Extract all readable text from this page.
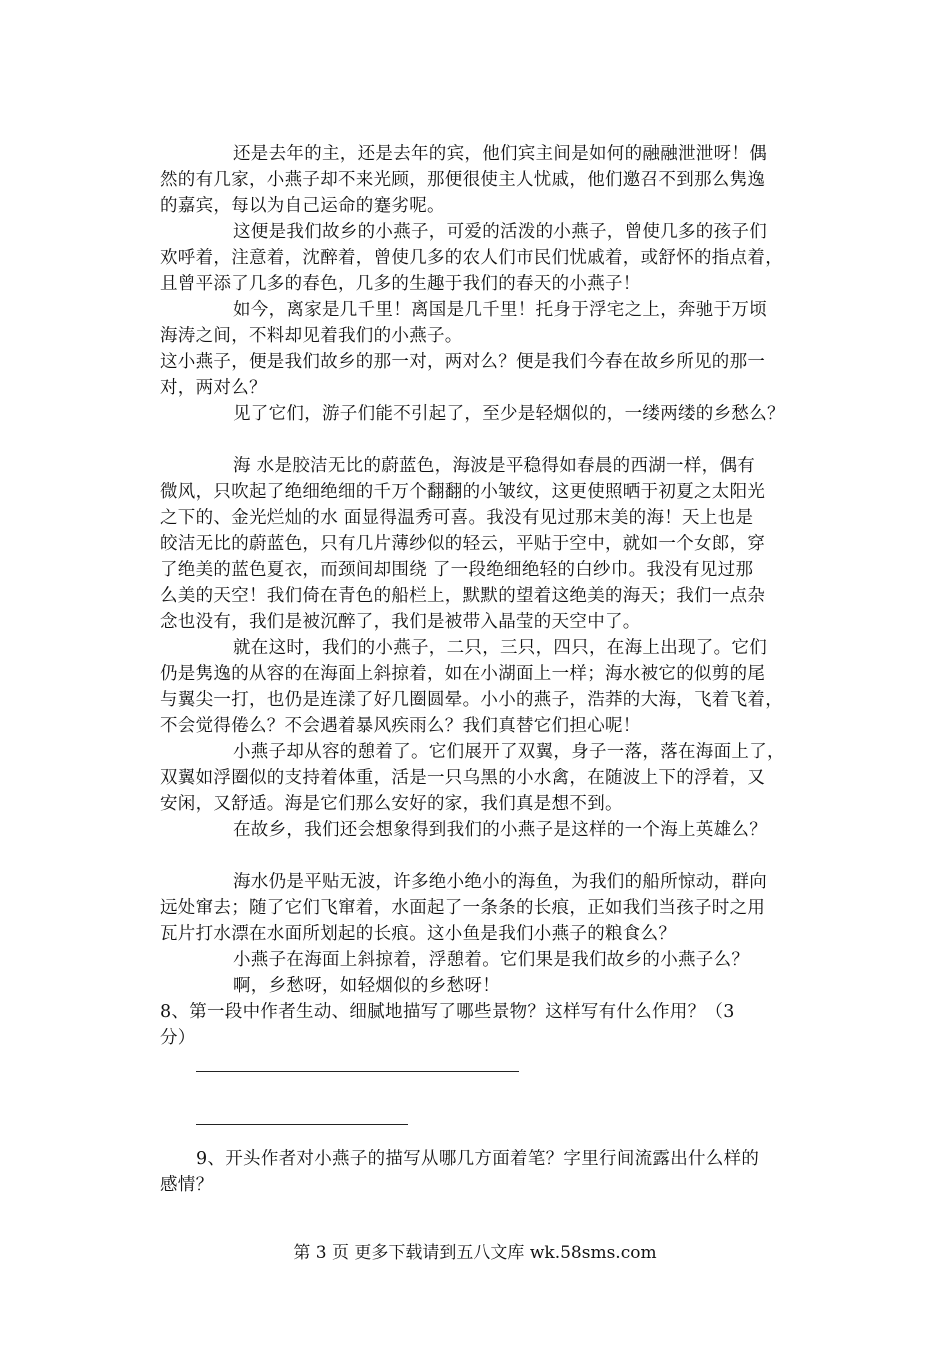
还是去年的主，还是去年的宾，他们宾主间是如何的融融泄泄呀！偶
然的有几家，小燕子却不来光顾，那便很使主人忧戚，他们邀召不到那么隽逸
的嘉宾，每以为自己运命的蹇劣呢。
这便是我们故乡的小燕子，可爱的活泼的小燕子，曾使几多的孩子们
欢呼着，注意着，沈醉着，曾使几多的农人们市民们忧戚着，或舒怀的指点着，
且曾平添了几多的春色，几多的生趣于我们的春天的小燕子！
如今，离家是几千里！离国是几千里！托身于浮宅之上，奔驰于万顷
海涛之间，不料却见着我们的小燕子。
这小燕子，便是我们故乡的那一对，两对么？便是我们今春在故乡所见的那一
对，两对么？
见了它们，游子们能不引起了，至少是轻烟似的，一缕两缕的乡愁么？
海 水是胶洁无比的蔚蓝色，海波是平稳得如春晨的西湖一样，偶有
微风，只吹起了绝细绝细的千万个翻翻的小皱纹，这更使照晒于初夏之太阳光
之下的、金光烂灿的水 面显得温秀可喜。我没有见过那末美的海！天上也是
皎洁无比的蔚蓝色，只有几片薄纱似的轻云，平贴于空中，就如一个女郎，穿
了绝美的蓝色夏衣，而颈间却围绕 了一段绝细绝轻的白纱巾。我没有见过那
么美的天空！我们倚在青色的船栏上，默默的望着这绝美的海天；我们一点杂
念也没有，我们是被沉醉了，我们是被带入晶莹的天空中了。
就在这时，我们的小燕子，二只，三只，四只，在海上出现了。它们
仍是隽逸的从容的在海面上斜掠着，如在小湖面上一样；海水被它的似剪的尾
与翼尖一打，也仍是连漾了好几圈圆晕。小小的燕子，浩莽的大海，飞着飞着，
不会觉得倦么？不会遇着暴风疾雨么？我们真替它们担心呢！
小燕子却从容的憩着了。它们展开了双翼，身子一落，落在海面上了，
双翼如浮圈似的支持着体重，活是一只乌黑的小水禽，在随波上下的浮着，又
安闲，又舒适。海是它们那么安好的家，我们真是想不到。
在故乡，我们还会想象得到我们的小燕子是这样的一个海上英雄么？
海水仍是平贴无波，许多绝小绝小的海鱼，为我们的船所惊动，群向
远处窜去；随了它们飞窜着，水面起了一条条的长痕，正如我们当孩子时之用
瓦片打水漂在水面所划起的长痕。这小鱼是我们小燕子的粮食么？
小燕子在海面上斜掠着，浮憩着。它们果是我们故乡的小燕子么？
啊，乡愁呀，如轻烟似的乡愁呀！
8、第一段中作者生动、细腻地描写了哪些景物？这样写有什么作用？（3
分）
9、开头作者对小燕子的描写从哪几方面着笔？字里行间流露出什么样的
感情？
第 3 页 更多下载请到五八文库 wk.58sms.com
